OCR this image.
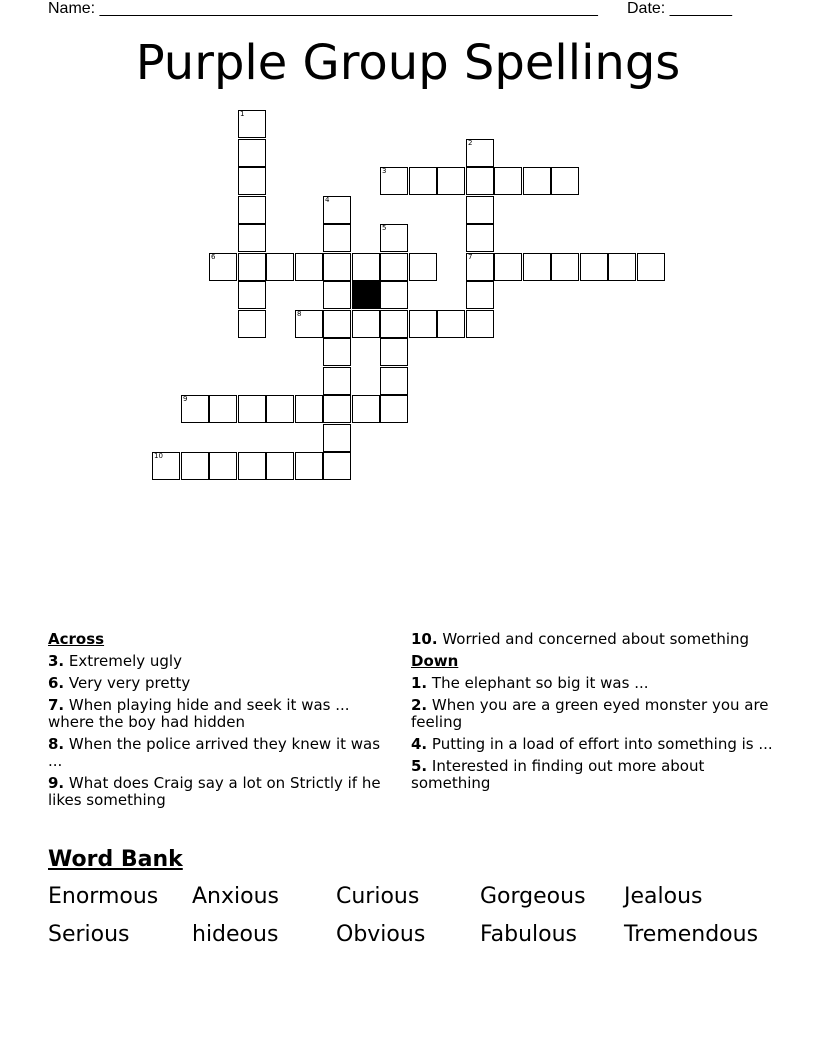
Name: ________________________________________________________ Date: _______
Purple Group Spellings
1
2
3
4
5
6	7
8
9
10
Across
3. Extremely ugly
6. Very very pretty
7. When playing hide and seek it was ... where the boy had hidden
8. When the police arrived they knew it was ...
9. What does Craig say a lot on Strictly if he likes something
10. Worried and concerned about something
Down
1. The elephant so big it was ...
2. When you are a green eyed monster you are feeling
4. Putting in a load of effort into something is ...
5. Interested in finding out more about something
Word Bank
Enormous Anxious	Curious	Gorgeous Jealous
Serious	hideous	Obvious Fabulous Tremendous
